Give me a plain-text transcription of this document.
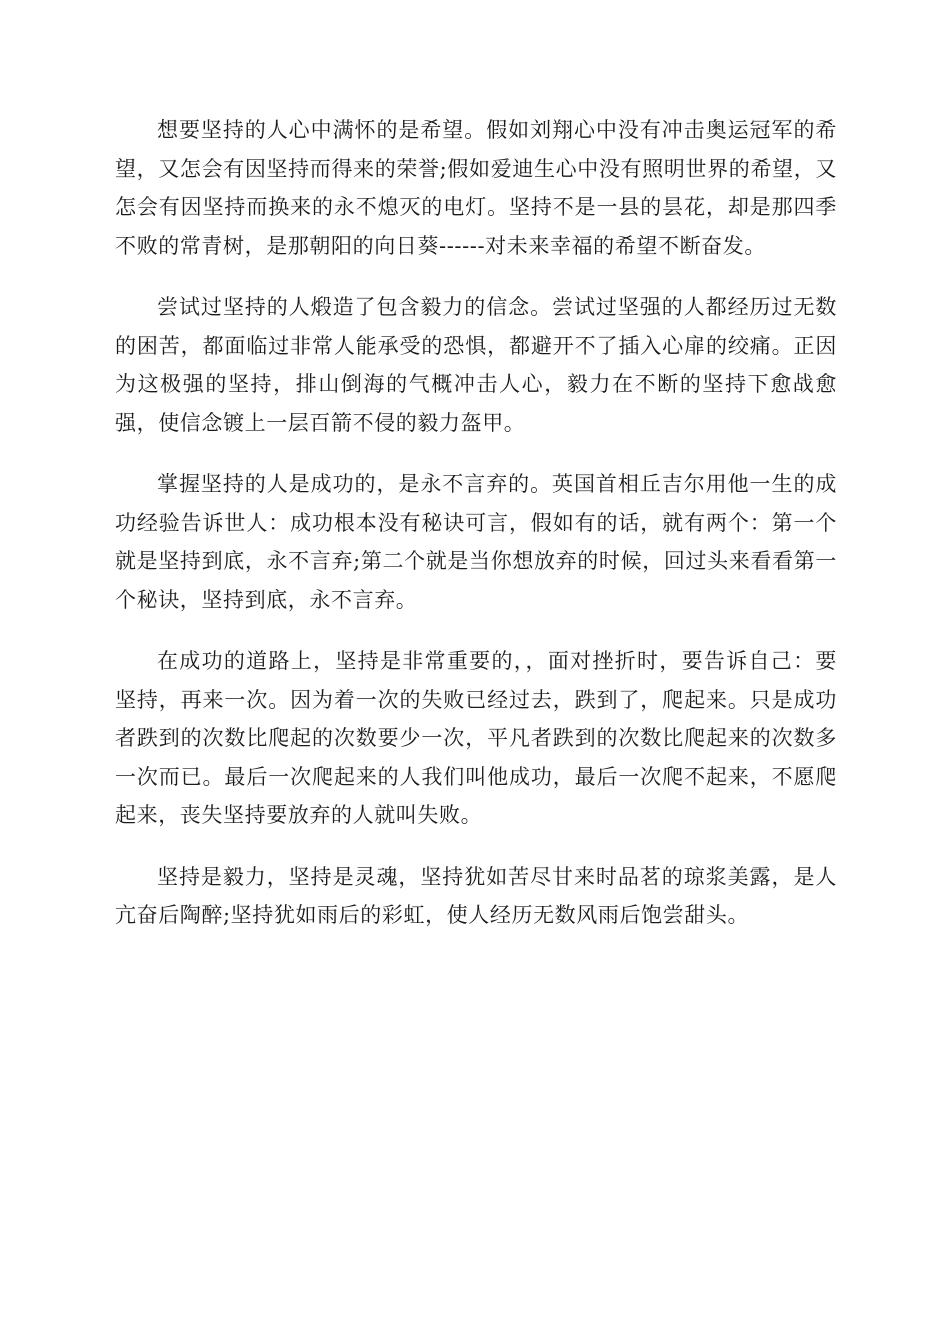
想要坚持的人心中满怀的是希望。假如刘翔心中没有冲击奥运冠军的希望，又怎会有因坚持而得来的荣誉;假如爱迪生心中没有照明世界的希望，又怎会有因坚持而换来的永不熄灭的电灯。坚持不是一县的昙花，却是那四季不败的常青树，是那朝阳的向日葵------对未来幸福的希望不断奋发。

尝试过坚持的人煅造了包含毅力的信念。尝试过坚强的人都经历过无数的困苦，都面临过非常人能承受的恐惧，都避开不了插入心扉的绞痛。正因为这极强的坚持，排山倒海的气概冲击人心，毅力在不断的坚持下愈战愈强，使信念镀上一层百箭不侵的毅力盔甲。

掌握坚持的人是成功的，是永不言弃的。英国首相丘吉尔用他一生的成功经验告诉世人：成功根本没有秘诀可言，假如有的话，就有两个：第一个就是坚持到底，永不言弃;第二个就是当你想放弃的时候，回过头来看看第一个秘诀，坚持到底，永不言弃。

在成功的道路上，坚持是非常重要的，，面对挫折时，要告诉自己：要坚持，再来一次。因为着一次的失败已经过去，跌到了，爬起来。只是成功者跌到的次数比爬起的次数要少一次，平凡者跌到的次数比爬起来的次数多一次而已。最后一次爬起来的人我们叫他成功，最后一次爬不起来，不愿爬起来，丧失坚持要放弃的人就叫失败。

坚持是毅力，坚持是灵魂，坚持犹如苦尽甘来时品茗的琼浆美露，是人亢奋后陶醉;坚持犹如雨后的彩虹，使人经历无数风雨后饱尝甜头。
